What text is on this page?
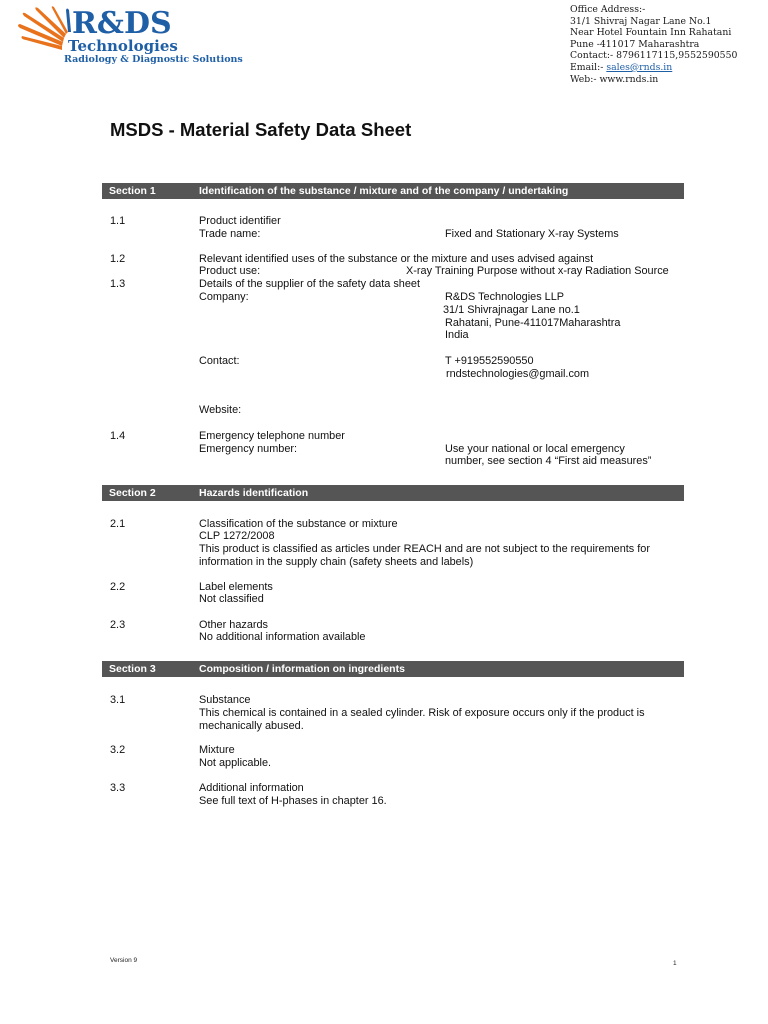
R&DS
Technologies
Radiology & Diagnostic Solutions
Office Address:-
31/1 Shivraj Nagar Lane No.1
Near Hotel Fountain Inn Rahatani
Pune -411017 Maharashtra
Contact:- 8796117115,9552590550
Email:- sales@rnds.in
Web:- www.rnds.in
MSDS - Material Safety Data Sheet
Section 1	Identification of the substance / mixture and of the company / undertaking
1.1	Product identifier
Trade name:	Fixed and Stationary X-ray Systems
1.2	Relevant identified uses of the substance or the mixture and uses advised against
Product use:	X-ray Training Purpose without x-ray Radiation Source
1.3	Details of the supplier of the safety data sheet
Company:	R&DS Technologies LLP
31/1 Shivrajnagar Lane no.1
Rahatani, Pune-411017Maharashtra
India
Contact:	T +919552590550
rndstechnologies@gmail.com
Website:
1.4	Emergency telephone number
Emergency number:	Use your national or local emergency
number, see section 4 “First aid measures”
Section 2	Hazards identification
2.1	Classification of the substance or mixture
CLP 1272/2008
This product is classified as articles under REACH and are not subject to the requirements for information in the supply chain (safety sheets and labels)
2.2	Label elements
Not classified
2.3	Other hazards
No additional information available
Section 3	Composition / information on ingredients
3.1	Substance
This chemical is contained in a sealed cylinder. Risk of exposure occurs only if the product is mechanically abused.
3.2	Mixture
Not applicable.
3.3	Additional information
See full text of H-phases in chapter 16.
Version 9	1
